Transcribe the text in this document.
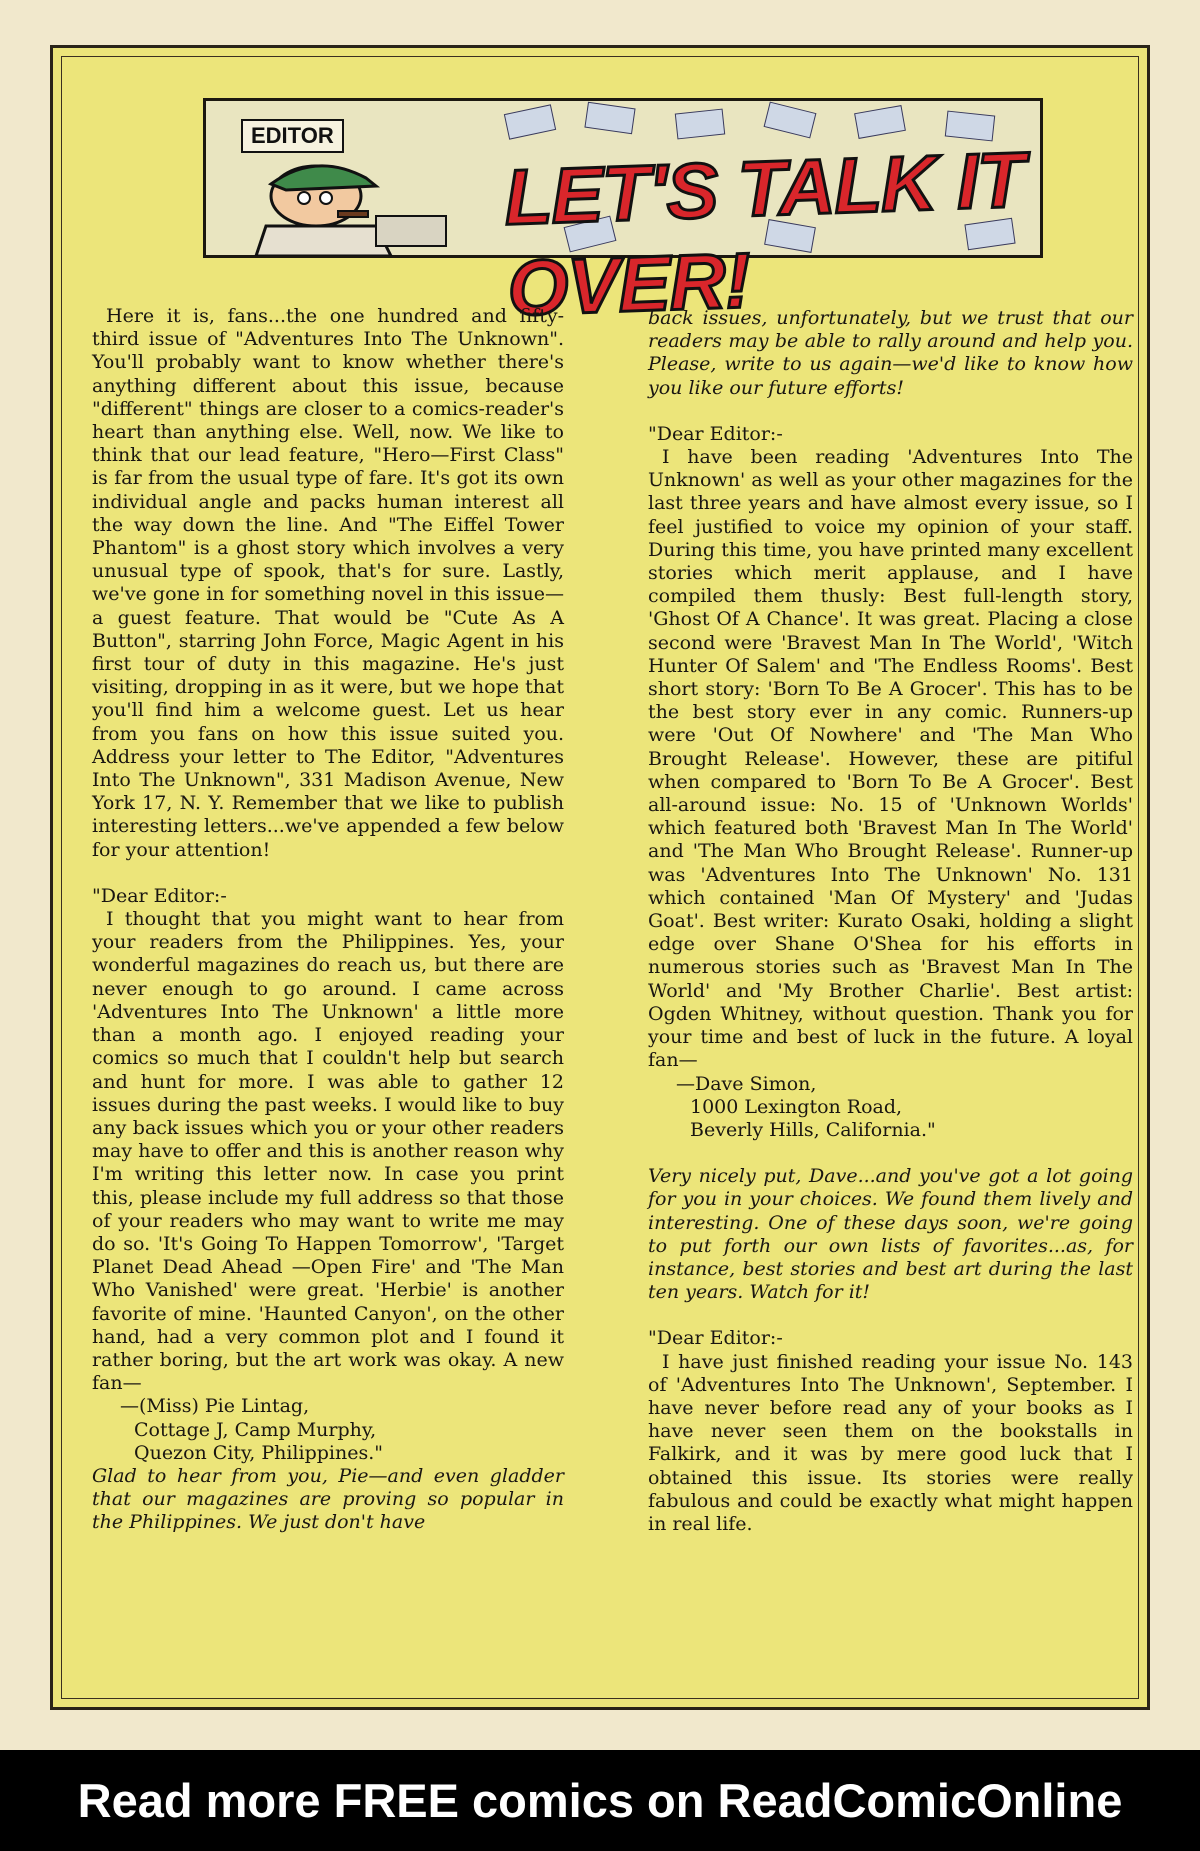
EDITOR LET'S TALK IT OVER!

Here it is, fans...the one hundred and fifty-third issue of "Adventures Into The Unknown". You'll probably want to know whether there's anything different about this issue, because "different" things are closer to a comics-reader's heart than anything else. Well, now. We like to think that our lead feature, "Hero—First Class" is far from the usual type of fare. It's got its own individual angle and packs human interest all the way down the line. And "The Eiffel Tower Phantom" is a ghost story which involves a very unusual type of spook, that's for sure. Lastly, we've gone in for something novel in this issue—a guest feature. That would be "Cute As A Button", starring John Force, Magic Agent in his first tour of duty in this magazine. He's just visiting, dropping in as it were, but we hope that you'll find him a welcome guest. Let us hear from you fans on how this issue suited you. Address your letter to The Editor, "Adventures Into The Unknown", 331 Madison Avenue, New York 17, N. Y. Remember that we like to publish interesting letters...we've appended a few below for your attention!

"Dear Editor:-

I thought that you might want to hear from your readers from the Philippines. Yes, your wonderful magazines do reach us, but there are never enough to go around. I came across 'Adventures Into The Unknown' a little more than a month ago. I enjoyed reading your comics so much that I couldn't help but search and hunt for more. I was able to gather 12 issues during the past weeks. I would like to buy any back issues which you or your other readers may have to offer and this is another reason why I'm writing this letter now. In case you print this, please include my full address so that those of your readers who may want to write me may do so. 'It's Going To Happen Tomorrow', 'Target Planet Dead Ahead —Open Fire' and 'The Man Who Vanished' were great. 'Herbie' is another favorite of mine. 'Haunted Canyon', on the other hand, had a very common plot and I found it rather boring, but the art work was okay. A new fan—

—(Miss) Pie Lintag,

Cottage J, Camp Murphy,

Quezon City, Philippines."

Glad to hear from you, Pie—and even gladder that our magazines are proving so popular in the Philippines. We just don't have

back issues, unfortunately, but we trust that our readers may be able to rally around and help you. Please, write to us again—we'd like to know how you like our future efforts!

"Dear Editor:-

I have been reading 'Adventures Into The Unknown' as well as your other magazines for the last three years and have almost every issue, so I feel justified to voice my opinion of your staff. During this time, you have printed many excellent stories which merit applause, and I have compiled them thusly: Best full-length story, 'Ghost Of A Chance'. It was great. Placing a close second were 'Bravest Man In The World', 'Witch Hunter Of Salem' and 'The Endless Rooms'. Best short story: 'Born To Be A Grocer'. This has to be the best story ever in any comic. Runners-up were 'Out Of Nowhere' and 'The Man Who Brought Release'. However, these are pitiful when compared to 'Born To Be A Grocer'. Best all-around issue: No. 15 of 'Unknown Worlds' which featured both 'Bravest Man In The World' and 'The Man Who Brought Release'. Runner-up was 'Adventures Into The Unknown' No. 131 which contained 'Man Of Mystery' and 'Judas Goat'. Best writer: Kurato Osaki, holding a slight edge over Shane O'Shea for his efforts in numerous stories such as 'Bravest Man In The World' and 'My Brother Charlie'. Best artist: Ogden Whitney, without question. Thank you for your time and best of luck in the future. A loyal fan—

—Dave Simon,

1000 Lexington Road,

Beverly Hills, California."

Very nicely put, Dave...and you've got a lot going for you in your choices. We found them lively and interesting. One of these days soon, we're going to put forth our own lists of favorites...as, for instance, best stories and best art during the last ten years. Watch for it!

"Dear Editor:-

I have just finished reading your issue No. 143 of 'Adventures Into The Unknown', September. I have never before read any of your books as I have never seen them on the bookstalls in Falkirk, and it was by mere good luck that I obtained this issue. Its stories were really fabulous and could be exactly what might happen in real life.

Read more FREE comics on ReadComicOnline
